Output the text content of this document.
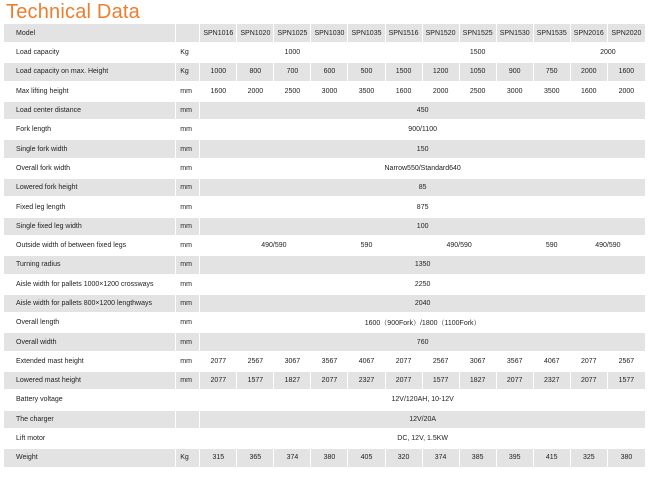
Technical Data
Model		SPN1016	SPN1020	SPN1025	SPN1030	SPN1035	SPN1516	SPN1520	SPN1525	SPN1530	SPN1535	SPN2016	SPN2020
Load capacity	Kg	1000					1500					2000	
Load capacity on max. Height	Kg	1000	800	700	600	500	1500	1200	1050	900	750	2000	1600
Max lifting height	mm	1600	2000	2500	3000	3500	1600	2000	2500	3000	3500	1600	2000
Load center distance	mm	450											
Fork length	mm	900/1100											
Single fork width	mm	150											
Overall fork width	mm	Narrow550/Standard640											
Lowered fork height	mm	85											
Fixed leg length	mm	875											
Single fixed leg width	mm	100											
Outside width of between fixed legs	mm	490/590				590	490/590				590	490/590	
Turning radius	mm	1350											
Aisle width for pallets 1000×1200 crossways	mm	2250											
Aisle width for pallets 800×1200 lengthways	mm	2040											
Overall length	mm	1600（900Fork）/1800（1100Fork）											
Overall width	mm	760											
Extended mast height	mm	2077	2567	3067	3567	4067	2077	2567	3067	3567	4067	2077	2567
Lowered mast height	mm	2077	1577	1827	2077	2327	2077	1577	1827	2077	2327	2077	1577
Battery voltage		12V/120AH, 10-12V											
The charger		12V/20A											
Lift motor		DC, 12V, 1.5KW											
Weight	Kg	315	365	374	380	405	320	374	385	395	415	325	380
